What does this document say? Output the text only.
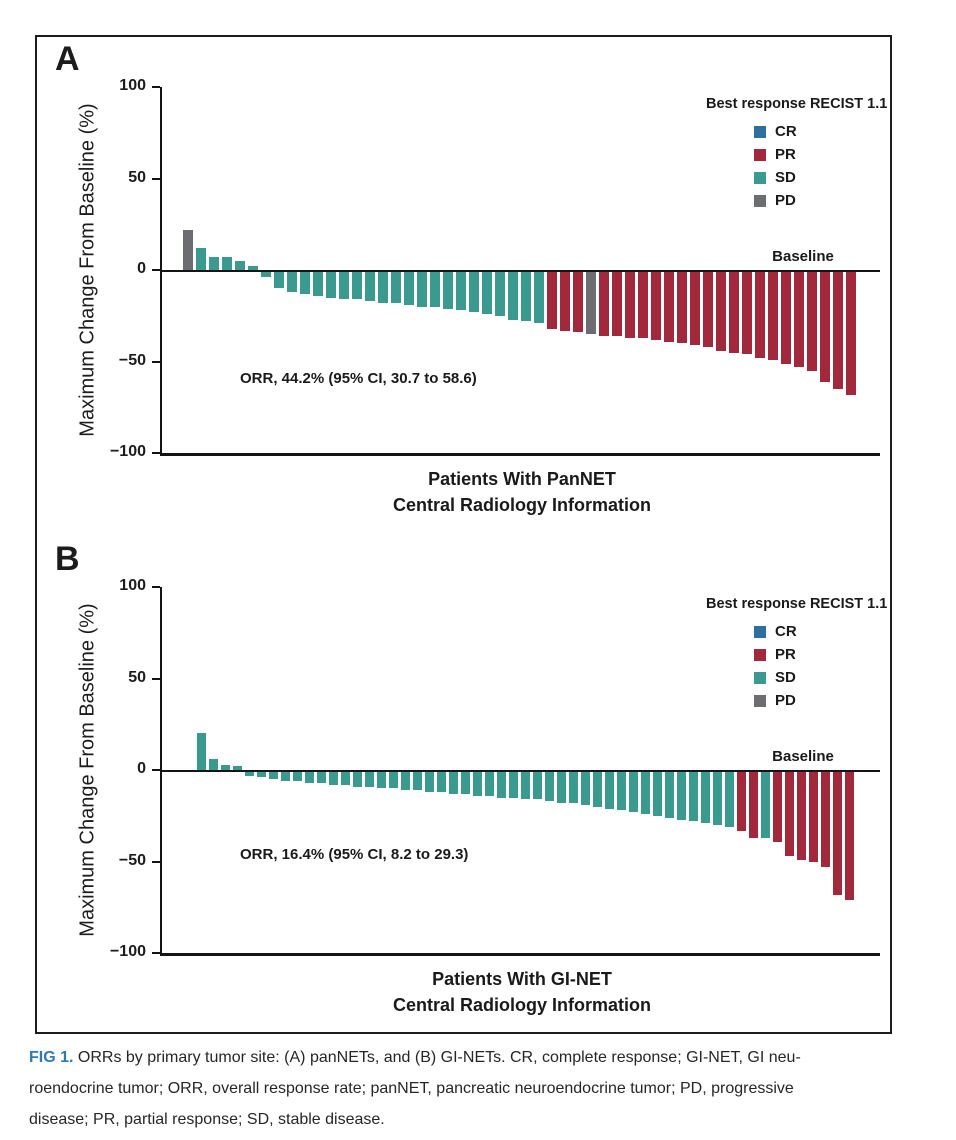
A
Maximum Change From Baseline (%)	Best response RECIST 1.1
CR
PR
SD
PD
Baseline
ORR, 44.2% (95% CI, 30.7 to 58.6)
Patients With PanNET
Central Radiology Information
100
50
0
−50
−100
B
Maximum Change From Baseline (%)	Best response RECIST 1.1
CR
PR
SD
PD
Baseline
ORR, 16.4% (95% CI, 8.2 to 29.3)
Patients With GI-NET
Central Radiology Information
100
50
0
−50
−100

FIG 1. ORRs by primary tumor site: (A) panNETs, and (B) GI-NETs. CR, complete response; GI-NET, GI neu-
roendocrine tumor; ORR, overall response rate; panNET, pancreatic neuroendocrine tumor; PD, progressive
disease; PR, partial response; SD, stable disease.
